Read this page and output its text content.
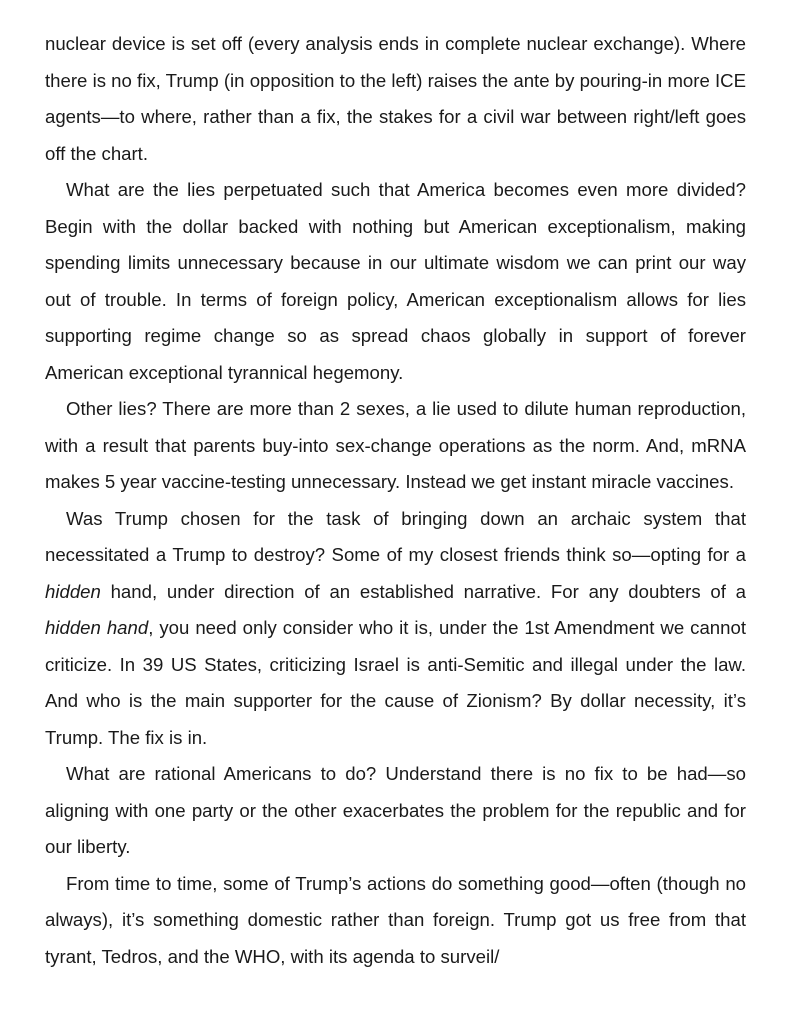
nuclear device is set off (every analysis ends in complete nuclear exchange). Where there is no fix, Trump (in opposition to the left) raises the ante by pouring-in more ICE agents—to where, rather than a fix, the stakes for a civil war between right/left goes off the chart.

What are the lies perpetuated such that America becomes even more divided? Begin with the dollar backed with nothing but American exceptionalism, making spending limits unnecessary because in our ultimate wisdom we can print our way out of trouble. In terms of foreign policy, American exceptionalism allows for lies supporting regime change so as spread chaos globally in support of forever American exceptional tyrannical hegemony.

Other lies? There are more than 2 sexes, a lie used to dilute human reproduction, with a result that parents buy-into sex-change operations as the norm. And, mRNA makes 5 year vaccine-testing unnecessary. Instead we get instant miracle vaccines.

Was Trump chosen for the task of bringing down an archaic system that necessitated a Trump to destroy? Some of my closest friends think so—opting for a hidden hand, under direction of an established narrative. For any doubters of a hidden hand, you need only consider who it is, under the 1st Amendment we cannot criticize. In 39 US States, criticizing Israel is anti-Semitic and illegal under the law. And who is the main supporter for the cause of Zionism? By dollar necessity, it’s Trump. The fix is in.

What are rational Americans to do? Understand there is no fix to be had—so aligning with one party or the other exacerbates the problem for the republic and for our liberty.

From time to time, some of Trump’s actions do something good—often (though no always), it’s something domestic rather than foreign. Trump got us free from that tyrant, Tedros, and the WHO, with its agenda to surveil/
